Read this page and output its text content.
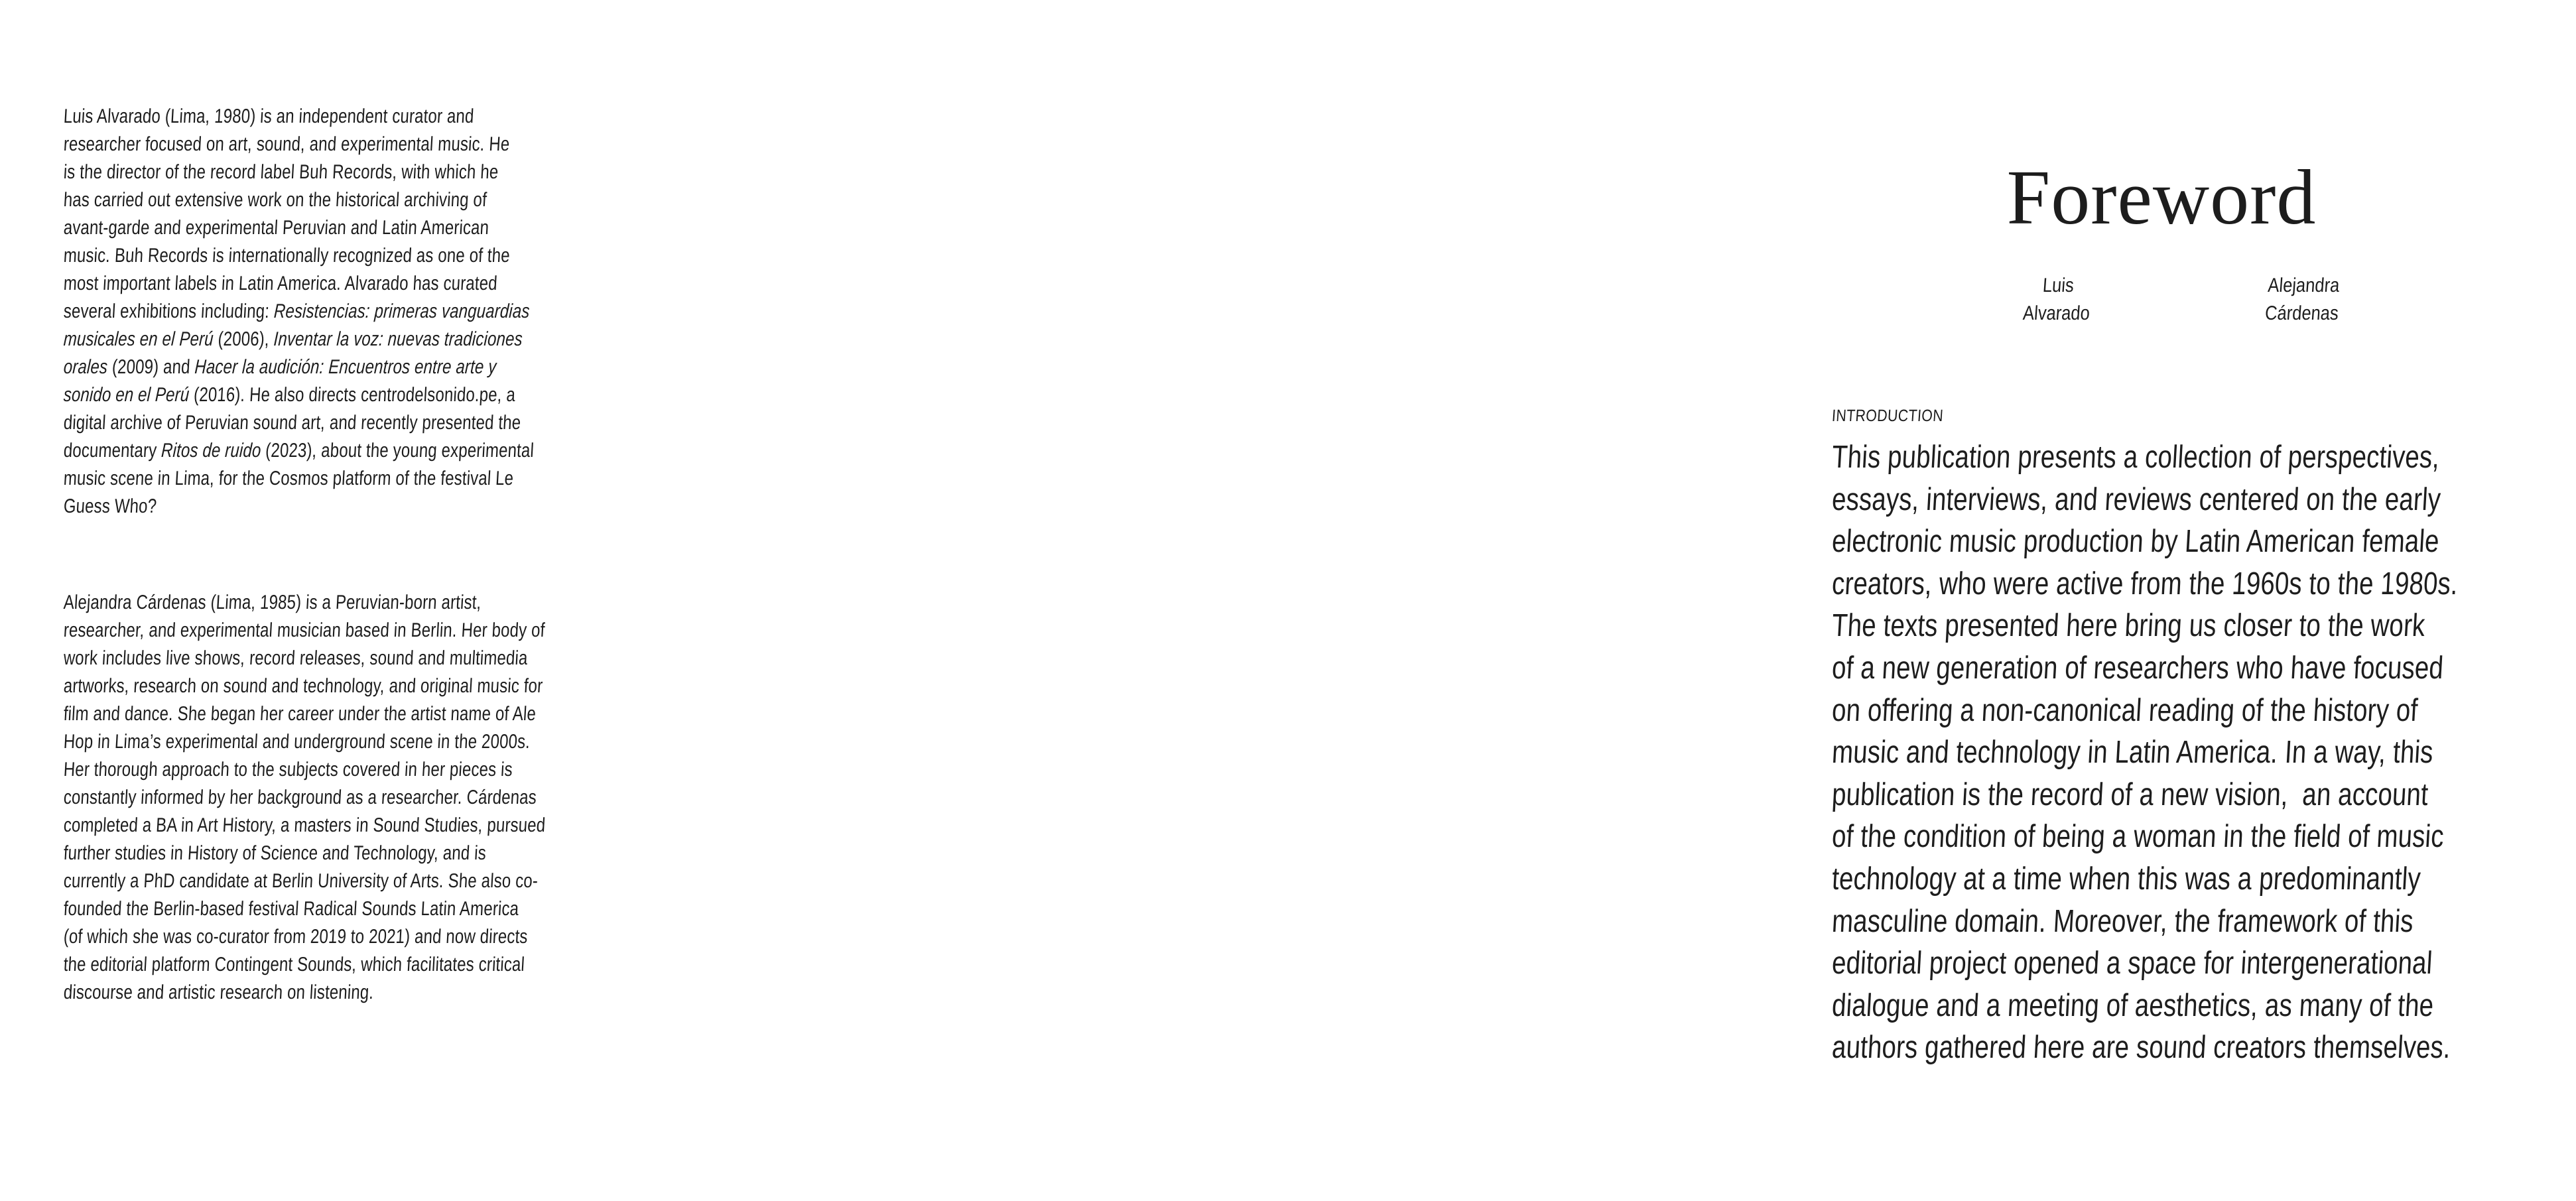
Luis Alvarado (Lima, 1980) is an independent curator and
researcher focused on art, sound, and experimental music. He
is the director of the record label Buh Records, with which he
has carried out extensive work on the historical archiving of
avant-garde and experimental Peruvian and Latin American
music. Buh Records is internationally recognized as one of the
most important labels in Latin America. Alvarado has curated
several exhibitions including: Resistencias: primeras vanguardias
musicales en el Perú (2006), Inventar la voz: nuevas tradiciones
orales (2009) and Hacer la audición: Encuentros entre arte y
sonido en el Perú (2016). He also directs centrodelsonido.pe, a
digital archive of Peruvian sound art, and recently presented the
documentary Ritos de ruido (2023), about the young experimental
music scene in Lima, for the Cosmos platform of the festival Le
Guess Who?
Alejandra Cárdenas (Lima, 1985) is a Peruvian-born artist,
researcher, and experimental musician based in Berlin. Her body of
work includes live shows, record releases, sound and multimedia
artworks, research on sound and technology, and original music for
film and dance. She began her career under the artist name of Ale
Hop in Lima’s experimental and underground scene in the 2000s.
Her thorough approach to the subjects covered in her pieces is
constantly informed by her background as a researcher. Cárdenas
completed a BA in Art History, a masters in Sound Studies, pursued
further studies in History of Science and Technology, and is
currently a PhD candidate at Berlin University of Arts. She also co-
founded the Berlin-based festival Radical Sounds Latin America
(of which she was co-curator from 2019 to 2021) and now directs
the editorial platform Contingent Sounds, which facilitates critical
discourse and artistic research on listening.
Foreword
Luis
Alvarado
Alejandra
Cárdenas
INTRODUCTION
This publication presents a collection of perspectives,
essays, interviews, and reviews centered on the early
electronic music production by Latin American female
creators, who were active from the 1960s to the 1980s.
The texts presented here bring us closer to the work
of a new generation of researchers who have focused
on offering a non-canonical reading of the history of
music and technology in Latin America. In a way, this
publication is the record of a new vision,  an account
of the condition of being a woman in the field of music
technology at a time when this was a predominantly
masculine domain. Moreover, the framework of this
editorial project opened a space for intergenerational
dialogue and a meeting of aesthetics, as many of the
authors gathered here are sound creators themselves.
